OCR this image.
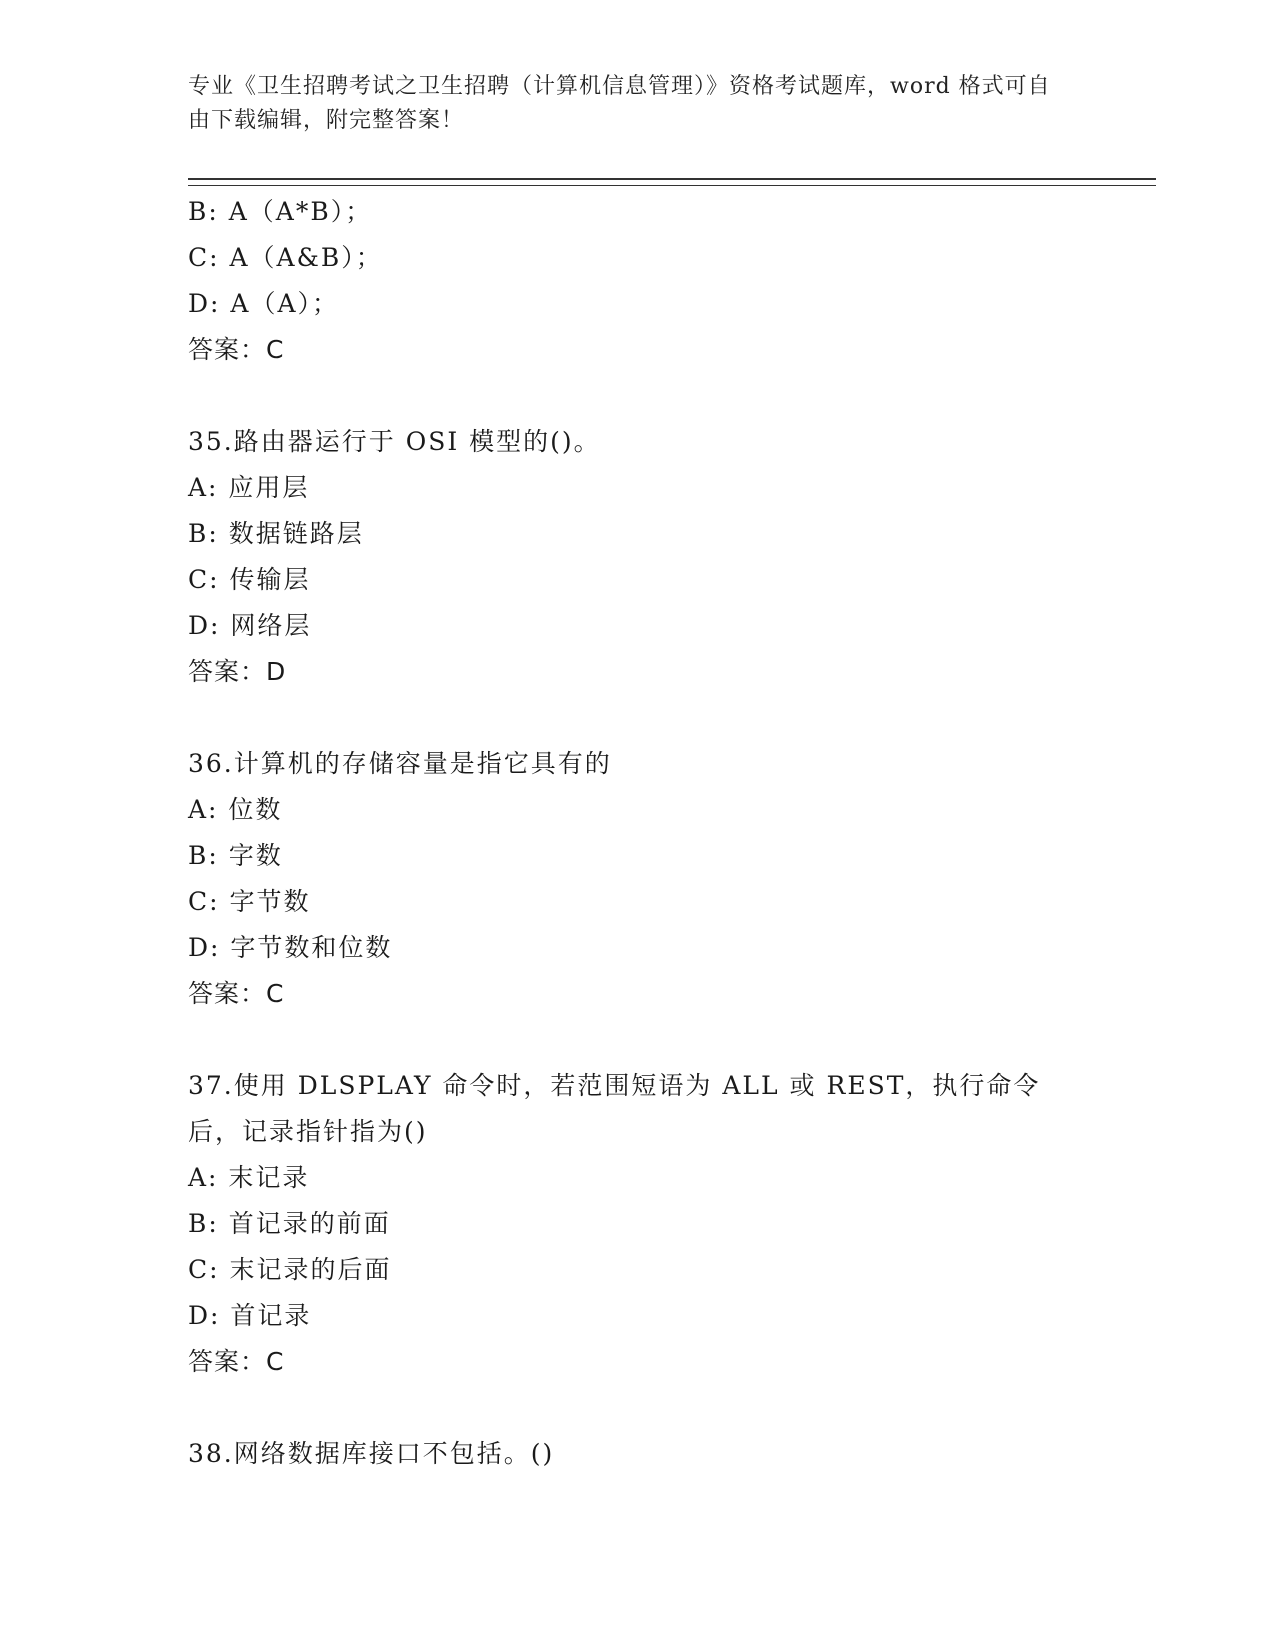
专业《卫生招聘考试之卫生招聘（计算机信息管理）》资格考试题库，word 格式可自由下载编辑，附完整答案！
B: A（A*B）；
C: A（A&B）；
D: A（A）；
答案：C
35.路由器运行于 OSI 模型的()。
A: 应用层
B: 数据链路层
C: 传输层
D: 网络层
答案：D
36.计算机的存储容量是指它具有的
A: 位数
B: 字数
C: 字节数
D: 字节数和位数
答案：C
37.使用 DLSPLAY 命令时，若范围短语为 ALL 或 REST，执行命令后，记录指针指为()
A: 末记录
B: 首记录的前面
C: 末记录的后面
D: 首记录
答案：C
38.网络数据库接口不包括。()
